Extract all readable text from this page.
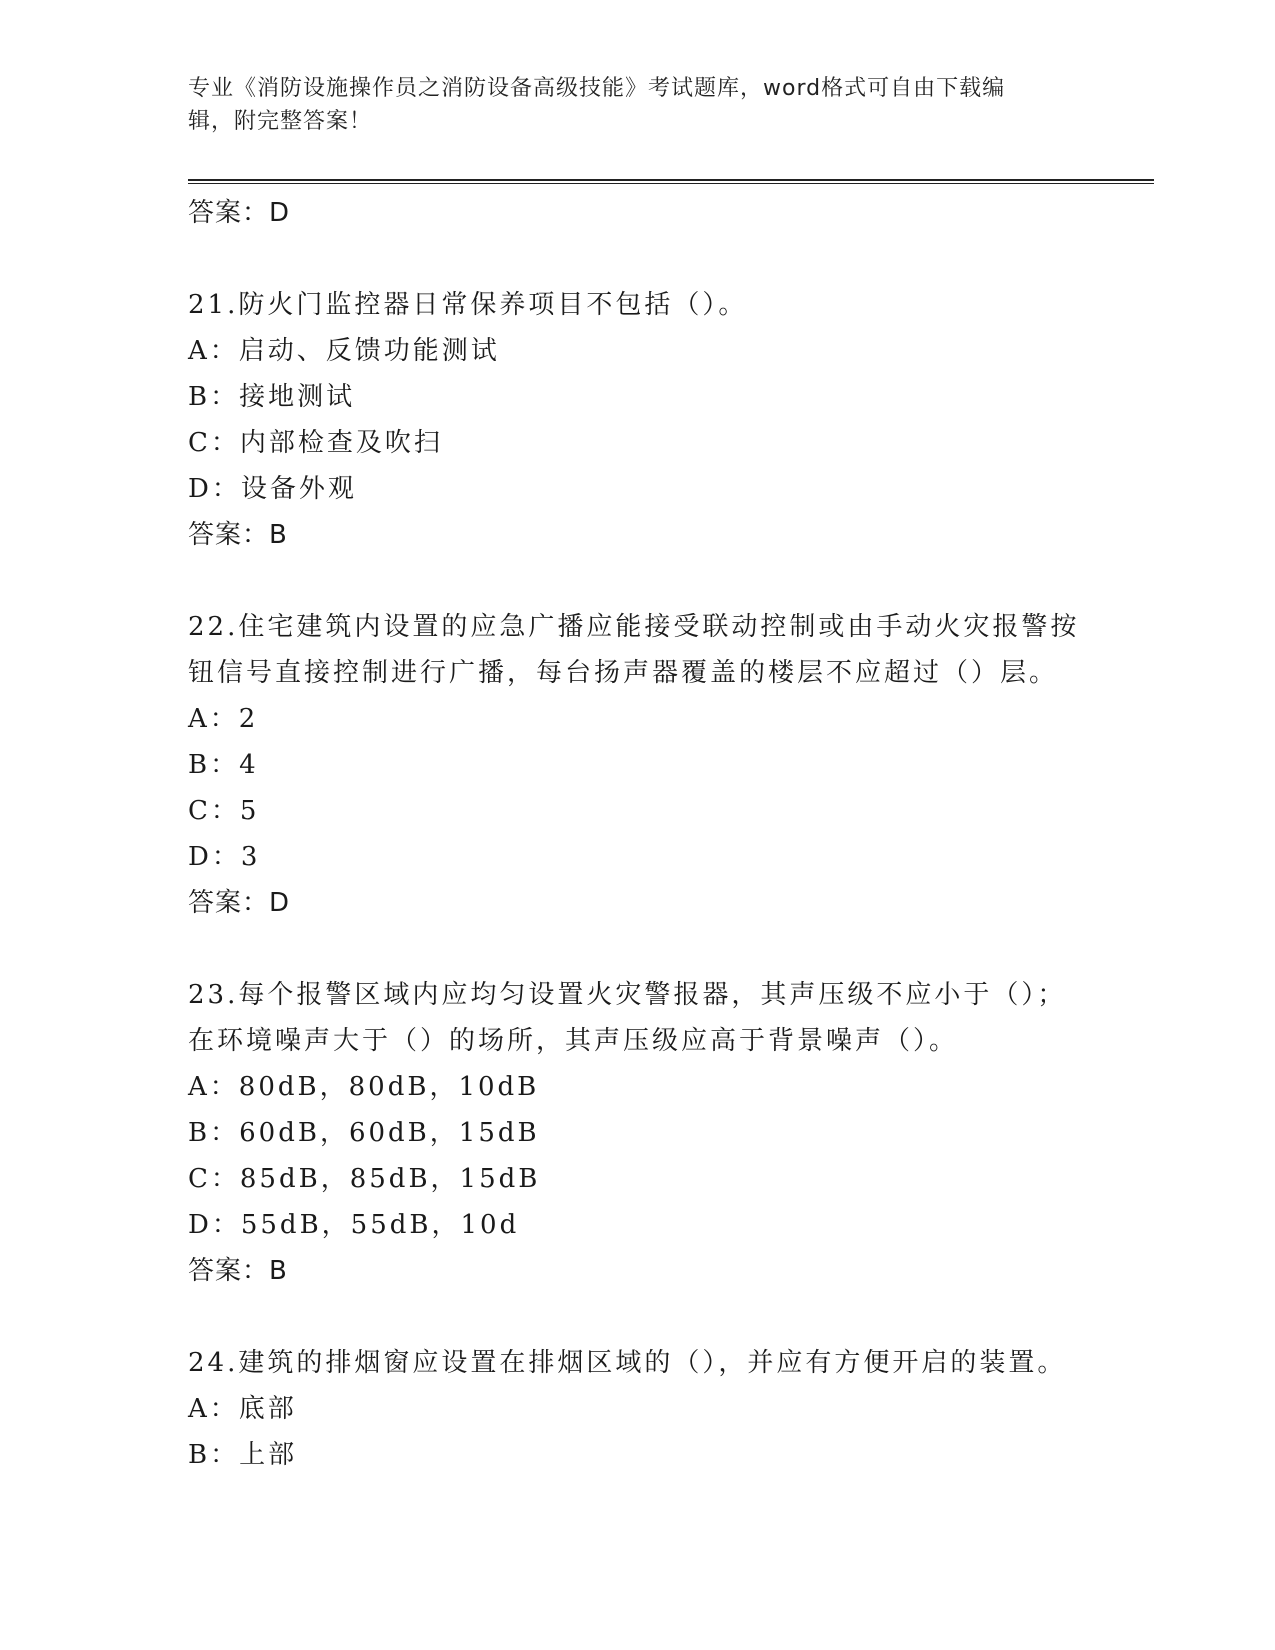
专业《消防设施操作员之消防设备高级技能》考试题库，word格式可自由下载编
辑，附完整答案！
答案：D
21.防火门监控器日常保养项目不包括（）。
A：启动、反馈功能测试
B：接地测试
C：内部检查及吹扫
D：设备外观
答案：B
22.住宅建筑内设置的应急广播应能接受联动控制或由手动火灾报警按钮信号直接控制进行广播，每台扬声器覆盖的楼层不应超过（）层。
A：2
B：4
C：5
D：3
答案：D
23.每个报警区域内应均匀设置火灾警报器，其声压级不应小于（）；在环境噪声大于（）的场所，其声压级应高于背景噪声（）。
A：80dB，80dB，10dB
B：60dB，60dB，15dB
C：85dB，85dB，15dB
D：55dB，55dB，10d
答案：B
24.建筑的排烟窗应设置在排烟区域的（），并应有方便开启的装置。
A：底部
B：上部
